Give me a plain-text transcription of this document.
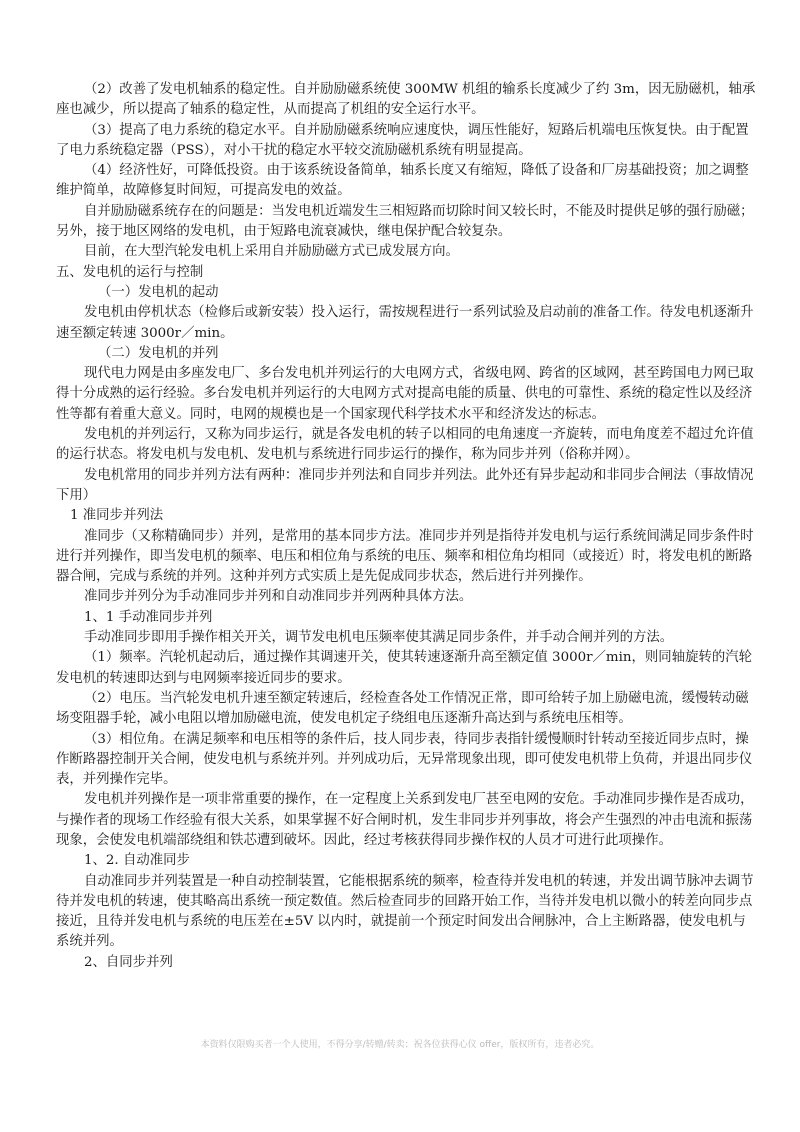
（2）改善了发电机轴系的稳定性。自并励励磁系统使 300MW 机组的输系长度减少了约 3m，因无励磁机，轴承座也减少，所以提高了轴系的稳定性，从而提高了机组的安全运行水平。

（3）提高了电力系统的稳定水平。自并励励磁系统响应速度快，调压性能好，短路后机端电压恢复快。由于配置了电力系统稳定器（PSS），对小干扰的稳定水平较交流励磁机系统有明显提高。

（4）经济性好，可降低投资。由于该系统设备简单，轴系长度又有缩短，降低了设备和厂房基础投资；加之调整维护简单，故障修复时间短，可提高发电的效益。

自并励励磁系统存在的问题是：当发电机近端发生三相短路而切除时间又较长时，不能及时提供足够的强行励磁；另外，接于地区网络的发电机，由于短路电流衰减快，继电保护配合较复杂。

目前，在大型汽轮发电机上采用自并励励磁方式已成发展方向。

五、发电机的运行与控制

（一）发电机的起动

发电机由停机状态（检修后或新安装）投入运行，需按规程进行一系列试验及启动前的准备工作。待发电机逐渐升速至额定转速 3000r／min。

（二）发电机的并列

现代电力网是由多座发电厂、多台发电机并列运行的大电网方式，省级电网、跨省的区域网，甚至跨国电力网已取得十分成熟的运行经验。多台发电机并列运行的大电网方式对提高电能的质量、供电的可靠性、系统的稳定性以及经济性等都有着重大意义。同时，电网的规模也是一个国家现代科学技术水平和经济发达的标志。

发电机的并列运行，又称为同步运行，就是各发电机的转子以相同的电角速度一齐旋转，而电角度差不超过允许值的运行状态。将发电机与发电机、发电机与系统进行同步运行的操作，称为同步并列（俗称并网）。

发电机常用的同步并列方法有两种：准同步并列法和自同步并列法。此外还有异步起动和非同步合闸法（事故情况下用）

1 准同步并列法

准同步（又称精确同步）并列，是常用的基本同步方法。准同步并列是指待并发电机与运行系统间满足同步条件时进行并列操作，即当发电机的频率、电压和相位角与系统的电压、频率和相位角均相同（或接近）时，将发电机的断路器合闸，完成与系统的并列。这种并列方式实质上是先促成同步状态，然后进行并列操作。

准同步并列分为手动准同步并列和自动准同步并列两种具体方法。

1、1 手动准同步并列

手动准同步即用手操作相关开关，调节发电机电压频率使其满足同步条件，并手动合闸并列的方法。

（1）频率。汽轮机起动后，通过操作其调速开关，使其转速逐渐升高至额定值 3000r／min，则同轴旋转的汽轮发电机的转速即达到与电网频率接近同步的要求。

（2）电压。当汽轮发电机升速至额定转速后，经检查各处工作情况正常，即可给转子加上励磁电流，缓慢转动磁场变阻器手轮，减小电阻以增加励磁电流，使发电机定子绕组电压逐渐升高达到与系统电压相等。

（3）相位角。在满足频率和电压相等的条件后，技人同步表，待同步表指针缓慢顺时针转动至接近同步点时，操作断路器控制开关合闸，使发电机与系统并列。并列成功后，无异常现象出现，即可使发电机带上负荷，并退出同步仪表，并列操作完毕。

发电机并列操作是一项非常重要的操作，在一定程度上关系到发电厂甚至电网的安危。手动准同步操作是否成功，与操作者的现场工作经验有很大关系，如果掌握不好合闸时机，发生非同步并列事故，将会产生强烈的冲击电流和振荡现象，会使发电机端部绕组和铁芯遭到破坏。因此，经过考核获得同步操作权的人员才可进行此项操作。

1、2. 自动准同步

自动准同步并列装置是一种自动控制装置，它能根据系统的频率，检查待并发电机的转速，并发出调节脉冲去调节待并发电机的转速，使其略高出系统一预定数值。然后检查同步的回路开始工作，当待并发电机以微小的转差向同步点接近，且待并发电机与系统的电压差在±5V 以内时，就提前一个预定时间发出合闸脉冲，合上主断路器，使发电机与系统并列。

2、自同步并列

本资料仅限购买者一个人使用，不得分享/转赠/转卖；祝各位获得心仪 offer，版权所有，违者必究。
